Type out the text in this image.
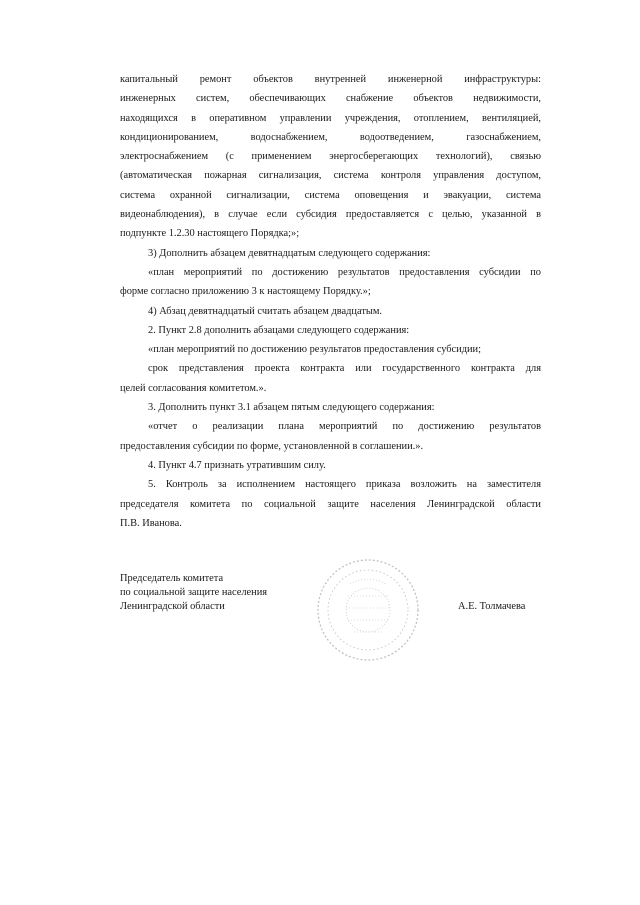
капитальный ремонт объектов внутренней инженерной инфраструктуры:
инженерных систем, обеспечивающих снабжение объектов недвижимости,
находящихся в оперативном управлении учреждения, отоплением, вентиляцией,
кондиционированием, водоснабжением, водоотведением, газоснабжением,
электроснабжением (с применением энергосберегающих технологий), связью
(автоматическая пожарная сигнализация, система контроля управления доступом,
система охранной сигнализации, система оповещения и эвакуации, система
видеонаблюдения), в случае если субсидия предоставляется с целью, указанной в
подпункте 1.2.30 настоящего Порядка;»;
3) Дополнить абзацем девятнадцатым следующего содержания:
«план мероприятий по достижению результатов предоставления субсидии по
форме согласно приложению 3 к настоящему Порядку.»;
4) Абзац девятнадцатый считать абзацем двадцатым.
2. Пункт 2.8 дополнить абзацами следующего содержания:
«план мероприятий по достижению результатов предоставления субсидии;
срок представления проекта контракта или государственного контракта для
целей согласования комитетом.».
3. Дополнить пункт 3.1 абзацем пятым следующего содержания:
«отчет о реализации плана мероприятий по достижению результатов
предоставления субсидии по форме, установленной в соглашении.».
4. Пункт 4.7 признать утратившим силу.
5. Контроль за исполнением настоящего приказа возложить на заместителя
председателя комитета по социальной защите населения Ленинградской области
П.В. Иванова.
Председатель комитета
по социальной защите населения
Ленинградской области	А.Е. Толмачева
